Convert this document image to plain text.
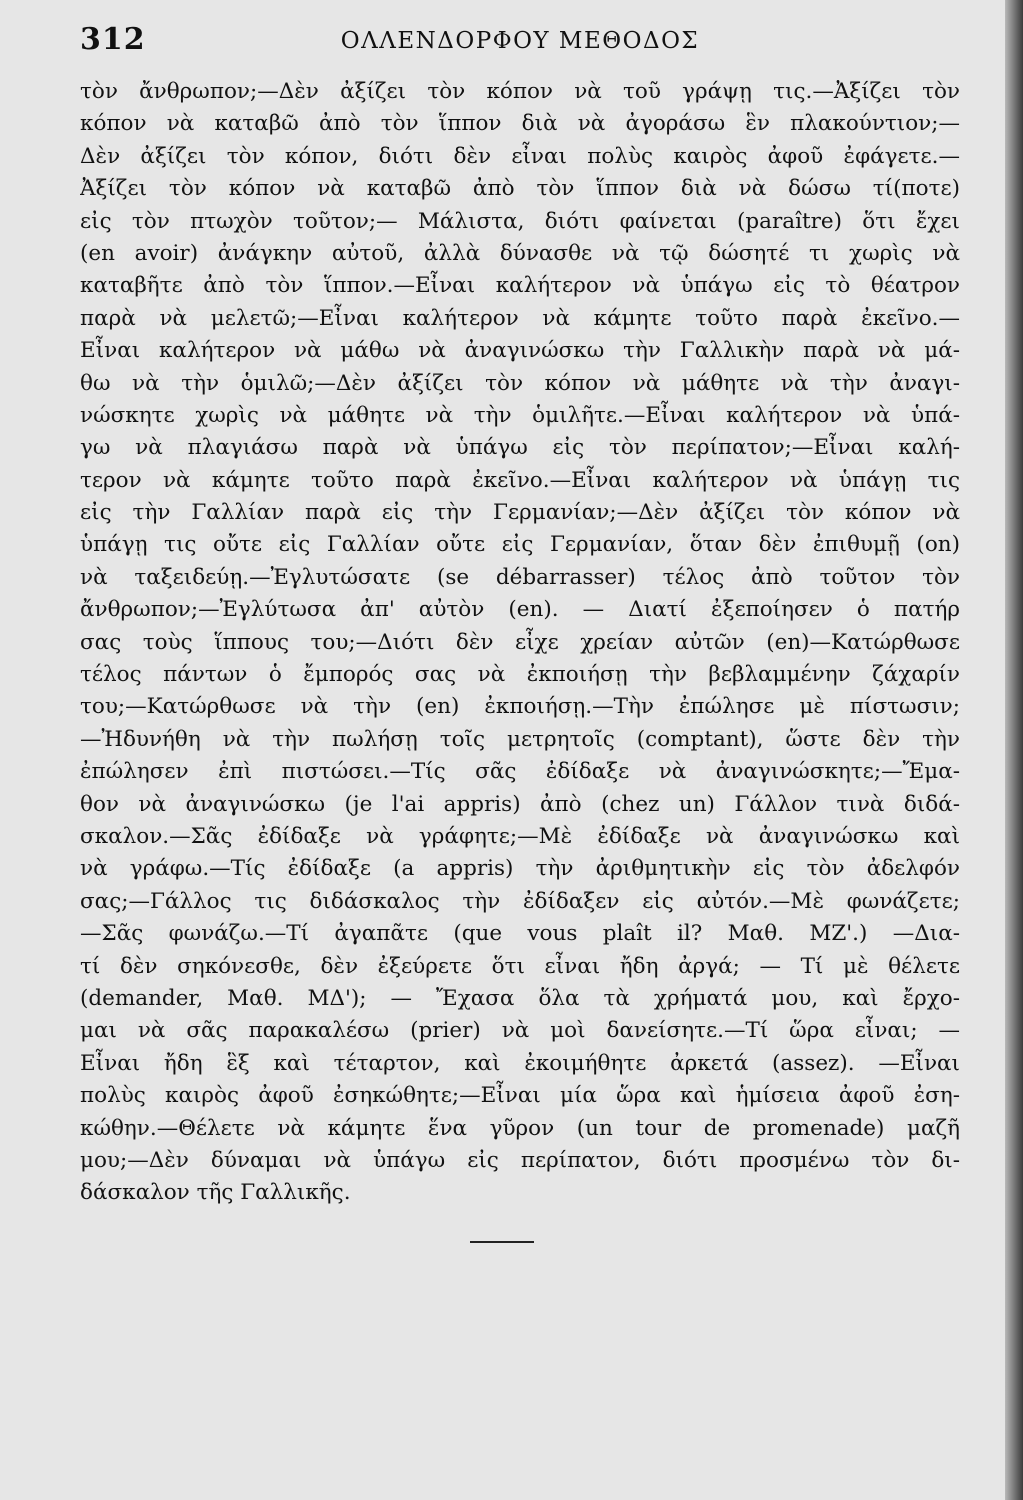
312	ΟΛΛΕΝΔΟΡΦΟΥ ΜΕΘΟΔΟΣ
τὸν ἄνθρωπον;—Δὲν ἀξίζει τὸν κόπον νὰ τοῦ γράψῃ τις.—Ἀξίζει τὸν
κόπον νὰ καταβῶ ἀπὸ τὸν ἵππον διὰ νὰ ἀγοράσω ἓν πλακούντιον;—
Δὲν ἀξίζει τὸν κόπον, διότι δὲν εἶναι πολὺς καιρὸς ἀφοῦ ἐφάγετε.—
Ἀξίζει τὸν κόπον νὰ καταβῶ ἀπὸ τὸν ἵππον διὰ νὰ δώσω τί(ποτε)
εἰς τὸν πτωχὸν τοῦτον;— Μάλιστα, διότι φαίνεται (paraître) ὅτι ἔχει
(en avoir) ἀνάγκην αὐτοῦ, ἀλλὰ δύνασθε νὰ τῷ δώσητέ τι χωρὶς νὰ
καταβῆτε ἀπὸ τὸν ἵππον.—Εἶναι καλήτερον νὰ ὑπάγω εἰς τὸ θέατρον
παρὰ νὰ μελετῶ;—Εἶναι καλήτερον νὰ κάμητε τοῦτο παρὰ ἐκεῖνο.—
Εἶναι καλήτερον νὰ μάθω νὰ ἀναγινώσκω τὴν Γαλλικὴν παρὰ νὰ μά-
θω νὰ τὴν ὁμιλῶ;—Δὲν ἀξίζει τὸν κόπον νὰ μάθητε νὰ τὴν ἀναγι-
νώσκητε χωρὶς νὰ μάθητε νὰ τὴν ὁμιλῆτε.—Εἶναι καλήτερον νὰ ὑπά-
γω νὰ πλαγιάσω παρὰ νὰ ὑπάγω εἰς τὸν περίπατον;—Εἶναι καλή-
τερον νὰ κάμητε τοῦτο παρὰ ἐκεῖνο.—Εἶναι καλήτερον νὰ ὑπάγῃ τις
εἰς τὴν Γαλλίαν παρὰ εἰς τὴν Γερμανίαν;—Δὲν ἀξίζει τὸν κόπον νὰ
ὑπάγῃ τις οὔτε εἰς Γαλλίαν οὔτε εἰς Γερμανίαν, ὅταν δὲν ἐπιθυμῇ (on)
νὰ ταξειδεύῃ.—Ἐγλυτώσατε (se débarrasser) τέλος ἀπὸ τοῦτον τὸν
ἄνθρωπον;—Ἐγλύτωσα ἀπ' αὐτὸν (en). — Διατί ἐξεποίησεν ὁ πατήρ
σας τοὺς ἵππους του;—Διότι δὲν εἶχε χρείαν αὐτῶν (en)—Κατώρθωσε
τέλος πάντων ὁ ἔμπορός σας νὰ ἐκποιήσῃ τὴν βεβλαμμένην ζάχαρίν
του;—Κατώρθωσε νὰ τὴν (en) ἐκποιήσῃ.—Τὴν ἐπώλησε μὲ πίστωσιν;
—Ἠδυνήθη νὰ τὴν πωλήσῃ τοῖς μετρητοῖς (comptant), ὥστε δὲν τὴν
ἐπώλησεν ἐπὶ πιστώσει.—Τίς σᾶς ἐδίδαξε νὰ ἀναγινώσκητε;—Ἔμα-
θον νὰ ἀναγινώσκω (je l'ai appris) ἀπὸ (chez un) Γάλλον τινὰ διδά-
σκαλον.—Σᾶς ἐδίδαξε νὰ γράφητε;—Μὲ ἐδίδαξε νὰ ἀναγινώσκω καὶ
νὰ γράφω.—Τίς ἐδίδαξε (a appris) τὴν ἀριθμητικὴν εἰς τὸν ἀδελφόν
σας;—Γάλλος τις διδάσκαλος τὴν ἐδίδαξεν εἰς αὐτόν.—Μὲ φωνάζετε;
—Σᾶς φωνάζω.—Τί ἀγαπᾶτε (que vous plaît il? Μαθ. ΜΖ'.) —Δια-
τί δὲν σηκόνεσθε, δὲν ἐξεύρετε ὅτι εἶναι ἤδη ἀργά; — Τί μὲ θέλετε
(demander, Μαθ. ΜΔ'); — Ἔχασα ὅλα τὰ χρήματά μου, καὶ ἔρχο-
μαι νὰ σᾶς παρακαλέσω (prier) νὰ μοὶ δανείσητε.—Τί ὥρα εἶναι; —
Εἶναι ἤδη ἓξ καὶ τέταρτον, καὶ ἐκοιμήθητε ἀρκετά (assez). —Εἶναι
πολὺς καιρὸς ἀφοῦ ἐσηκώθητε;—Εἶναι μία ὥρα καὶ ἡμίσεια ἀφοῦ ἐση-
κώθην.—Θέλετε νὰ κάμητε ἕνα γῦρον (un tour de promenade) μαζῆ
μου;—Δὲν δύναμαι νὰ ὑπάγω εἰς περίπατον, διότι προσμένω τὸν δι-
δάσκαλον τῆς Γαλλικῆς.
